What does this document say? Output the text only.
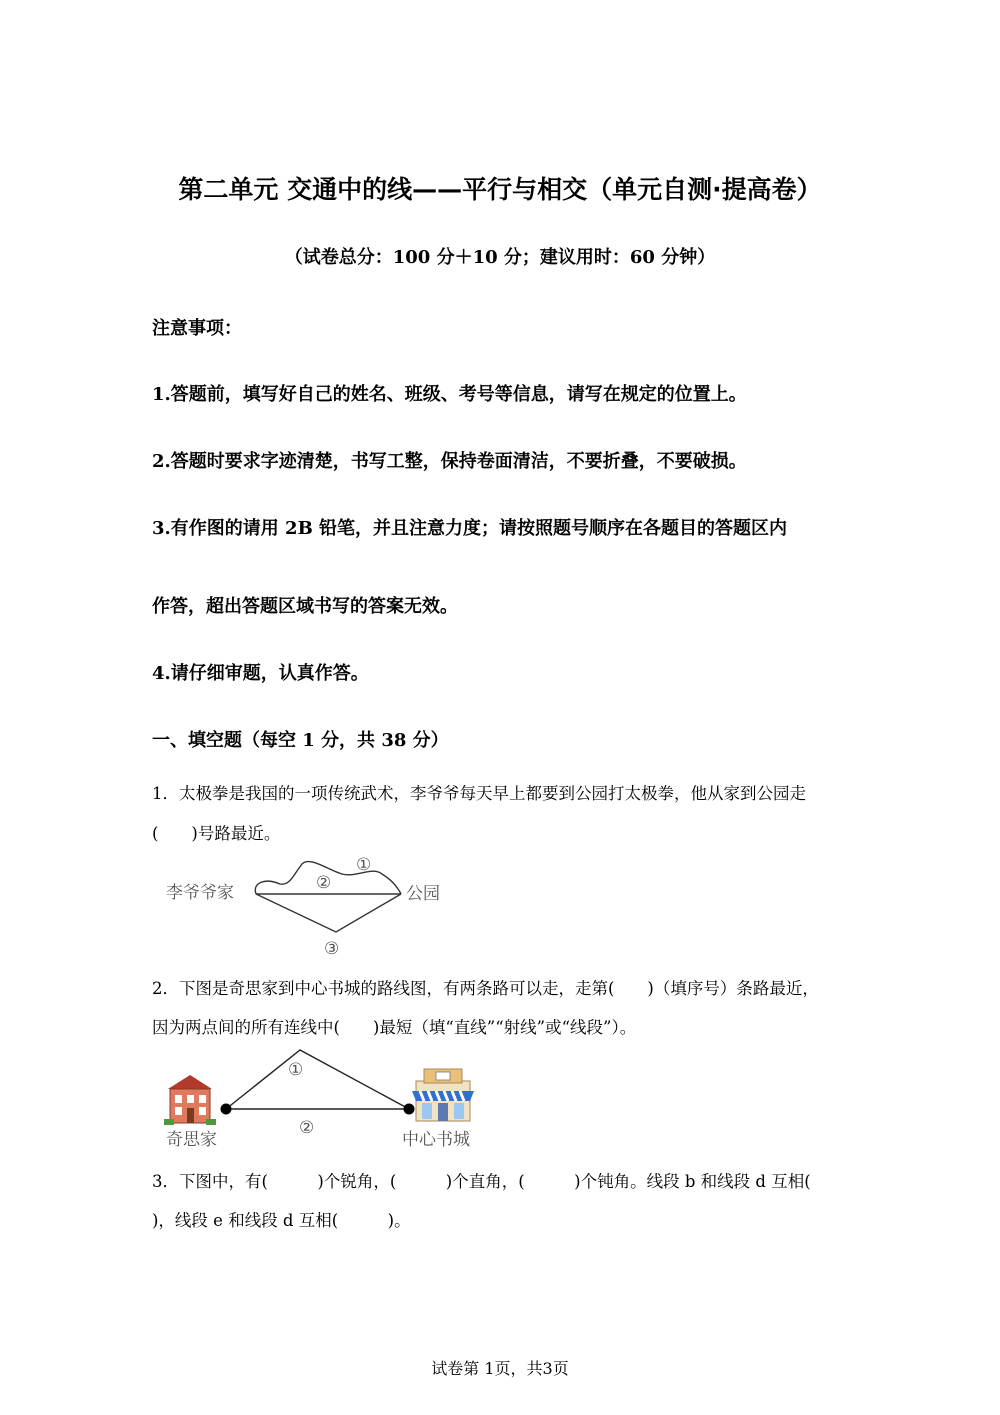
第二单元 交通中的线——平行与相交（单元自测·提高卷）
（试卷总分：100 分＋10 分；建议用时：60 分钟）
注意事项：
1.答题前，填写好自己的姓名、班级、考号等信息，请写在规定的位置上。
2.答题时要求字迹清楚，书写工整，保持卷面清洁，不要折叠，不要破损。
3.有作图的请用 2B 铅笔，并且注意力度；请按照题号顺序在各题目的答题区内
作答，超出答题区域书写的答案无效。
4.请仔细审题，认真作答。
一、填空题（每空 1 分，共 38 分）
1．太极拳是我国的一项传统武术，李爷爷每天早上都要到公园打太极拳，他从家到公园走
(　　)号路最近。
李爷爷家	公园
①
②
③
2．下图是奇思家到中心书城的路线图，有两条路可以走，走第(　　)（填序号）条路最近，
因为两点间的所有连线中(　　)最短（填“直线”“射线”或“线段”）。
①
②
奇思家	中心书城
3．下图中，有(　　　)个锐角，(　　　)个直角，(　　　)个钝角。线段 b 和线段 d 互相(
)，线段 e 和线段 d 互相(　　　)。
试卷第 1页，共3页
